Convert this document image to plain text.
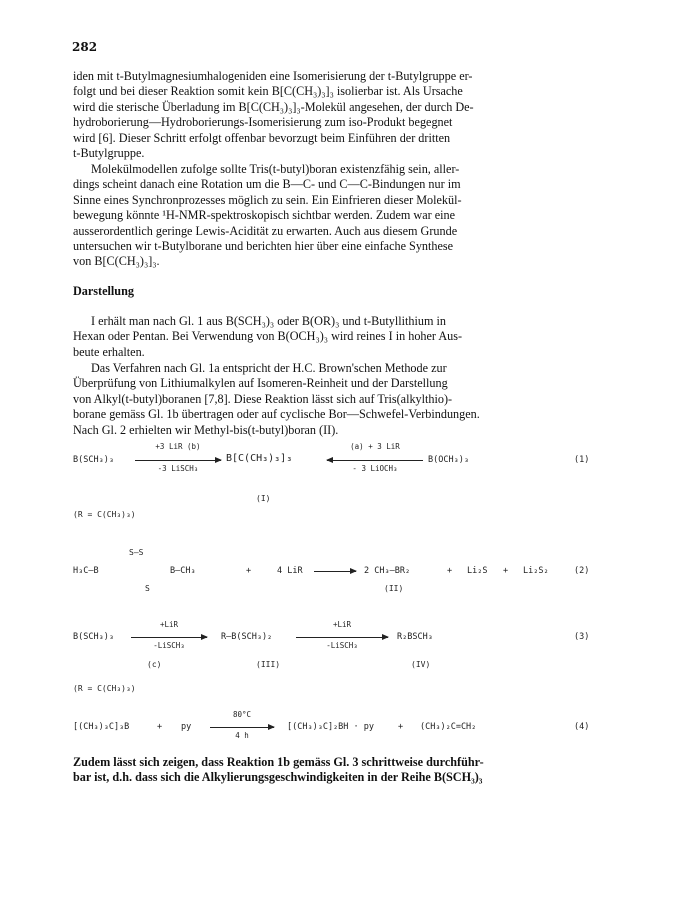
282
iden mit t-Butylmagnesiumhalogeniden eine Isomerisierung der t-Butylgruppe er-
folgt und bei dieser Reaktion somit kein B[C(CH₃)₃]₃ isolierbar ist. Als Ursache
wird die sterische Überladung im B[C(CH₃)₃]₃-Molekül angesehen, der durch De-
hydroborierung—Hydroborierungs-Isomerisierung zum iso-Produkt begegnet
wird [6]. Dieser Schritt erfolgt offenbar bevorzugt beim Einführen der dritten
t-Butylgruppe.
Molekülmodellen zufolge sollte Tris(t-butyl)boran existenzfähig sein, aller-
dings scheint danach eine Rotation um die B—C- und C—C-Bindungen nur im
Sinne eines Synchronprozesses möglich zu sein. Ein Einfrieren dieser Molekül-
bewegung könnte ¹H-NMR-spektroskopisch sichtbar werden. Zudem war eine
ausserordentlich geringe Lewis-Acidität zu erwarten. Auch aus diesem Grunde
untersuchen wir t-Butylborane und berichten hier über eine einfache Synthese
von B[C(CH₃)₃]₃.
Darstellung
I erhält man nach Gl. 1 aus B(SCH₃)₃ oder B(OR)₃ und t-Butyllithium in
Hexan oder Pentan. Bei Verwendung von B(OCH₃)₃ wird reines I in hoher Aus-
beute erhalten.
Das Verfahren nach Gl. 1a entspricht der H.C. Brown'schen Methode zur
Überprüfung von Lithiumalkylen auf Isomeren-Reinheit und der Darstellung
von Alkyl(t-butyl)boranen [7,8]. Diese Reaktion lässt sich auf Tris(alkylthio)-
borane gemäss Gl. 1b übertragen oder auf cyclische Bor—Schwefel-Verbindungen.
Nach Gl. 2 erhielten wir Methyl-bis(t-butyl)boran (II).
B(SCH₃)₃
+3 LiR (b)
-3 LiSCH₃
B[C(CH₃)₃]₃
(a) + 3 LiR
- 3 LiOCH₃
B(OCH₃)₃	(1)
(I)
(R = C(CH₃)₃)
S—S
H₃C—B	B—CH₃
S
+	4 LiR	2 CH₃—BR₂	+ Li₂S + Li₂S₂	(2)
(II)
B(SCH₃)₃
+LiR
-LiSCH₃
R—B(SCH₃)₂
+LiR
-LiSCH₃
R₂BSCH₃	(3)
(c)	(III)	(IV)
(R = C(CH₃)₃)
[(CH₃)₃C]₃B	+ py
80°C
4 h
[(CH₃)₃C]₂BH · py	+ (CH₃)₂C=CH₂	(4)
Zudem lässt sich zeigen, dass Reaktion 1b gemäss Gl. 3 schrittweise durchführ-
bar ist, d.h. dass sich die Alkylierungsgeschwindigkeiten in der Reihe B(SCH₃)₃
